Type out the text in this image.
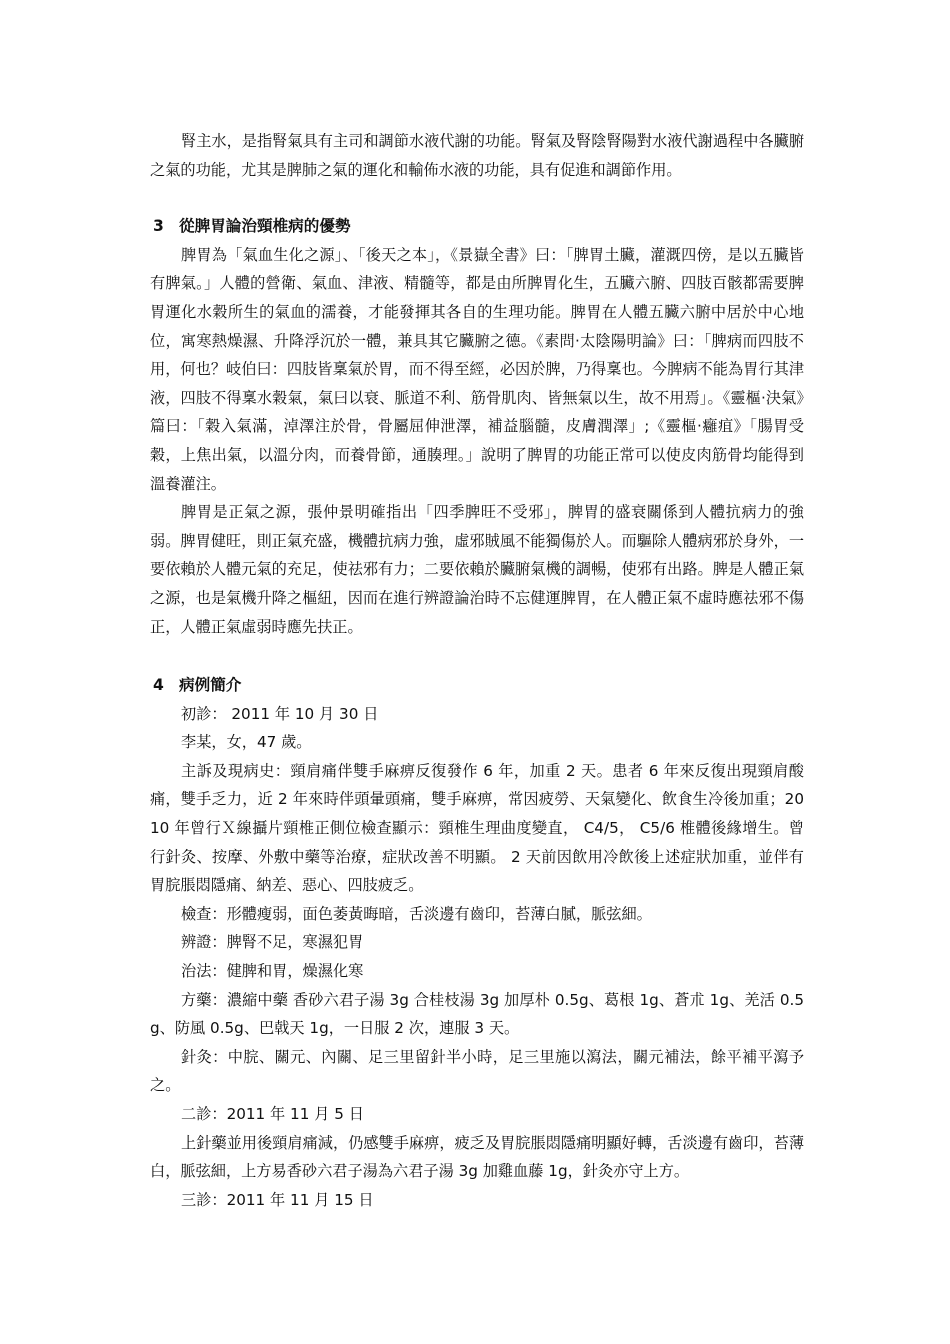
腎主水，是指腎氣具有主司和調節水液代謝的功能。腎氣及腎陰腎陽對水液代謝過程中各臟腑之氣的功能，尤其是脾肺之氣的運化和輸佈水液的功能，具有促進和調節作用。

3 從脾胃論治頸椎病的優勢

脾胃為「氣血生化之源」、「後天之本」，《景嶽全書》曰：「脾胃土臟，灌溉四傍，是以五臟皆有脾氣。」人體的營衛、氣血、津液、精髓等，都是由所脾胃化生，五臟六腑、四肢百骸都需要脾胃運化水穀所生的氣血的濡養，才能發揮其各自的生理功能。脾胃在人體五臟六腑中居於中心地位，寓寒熱燥濕、升降浮沉於一體，兼具其它臟腑之德。《素問·太陰陽明論》曰：「脾病而四肢不用，何也？岐伯曰：四肢皆稟氣於胃，而不得至經，必因於脾，乃得稟也。今脾病不能為胃行其津液，四肢不得稟水穀氣，氣曰以衰、脈道不利、筋骨肌肉、皆無氣以生，故不用焉」。《靈樞·決氣》篇曰：「穀入氣滿，淖澤注於骨，骨屬屈伸泄澤，補益腦髓，皮膚潤澤」;《靈樞·癰疽》「腸胃受穀，上焦出氣，以溫分肉，而養骨節，通腠理。」說明了脾胃的功能正常可以使皮肉筋骨均能得到溫養灌注。

脾胃是正氣之源，張仲景明確指出「四季脾旺不受邪」，脾胃的盛衰關係到人體抗病力的強弱。脾胃健旺，則正氣充盛，機體抗病力強，虛邪賊風不能獨傷於人。而驅除人體病邪於身外，一要依賴於人體元氣的充足，使祛邪有力；二要依賴於臟腑氣機的調暢，使邪有出路。脾是人體正氣之源，也是氣機升降之樞紐，因而在進行辨證論治時不忘健運脾胃，在人體正氣不虛時應祛邪不傷正，人體正氣虛弱時應先扶正。

4 病例簡介

初診： 2011 年 10 月 30 日

李某，女，47 歲。

主訴及現病史：頸肩痛伴雙手麻痹反復發作 6 年，加重 2 天。患者 6 年來反復出現頸肩酸痛，雙手乏力，近 2 年來時伴頭暈頭痛，雙手麻痹，常因疲勞、天氣變化、飲食生冷後加重；2010 年曾行Ｘ線攝片頸椎正側位檢查顯示：頸椎生理曲度變直， C4/5， C5/6 椎體後緣增生。曾行針灸、按摩、外敷中藥等治療，症狀改善不明顯。 2 天前因飲用冷飲後上述症狀加重，並伴有胃脘脹悶隱痛、納差、惡心、四肢疲乏。

檢查：形體瘦弱，面色萎黃晦暗，舌淡邊有齒印，苔薄白膩，脈弦細。

辨證：脾腎不足，寒濕犯胃

治法：健脾和胃，燥濕化寒

方藥：濃縮中藥 香砂六君子湯 3g 合桂枝湯 3g 加厚朴 0.5g、葛根 1g、蒼朮 1g、羌活 0.5g、防風 0.5g、巴戟天 1g，一日服 2 次，連服 3 天。

針灸：中脘、關元、內關、足三里留針半小時，足三里施以瀉法，關元補法，餘平補平瀉予之。

二診：2011 年 11 月 5 日

上針藥並用後頸肩痛減，仍感雙手麻痹，疲乏及胃脘脹悶隱痛明顯好轉，舌淡邊有齒印，苔薄白，脈弦細，上方易香砂六君子湯為六君子湯 3g 加雞血藤 1g，針灸亦守上方。

三診：2011 年 11 月 15 日
